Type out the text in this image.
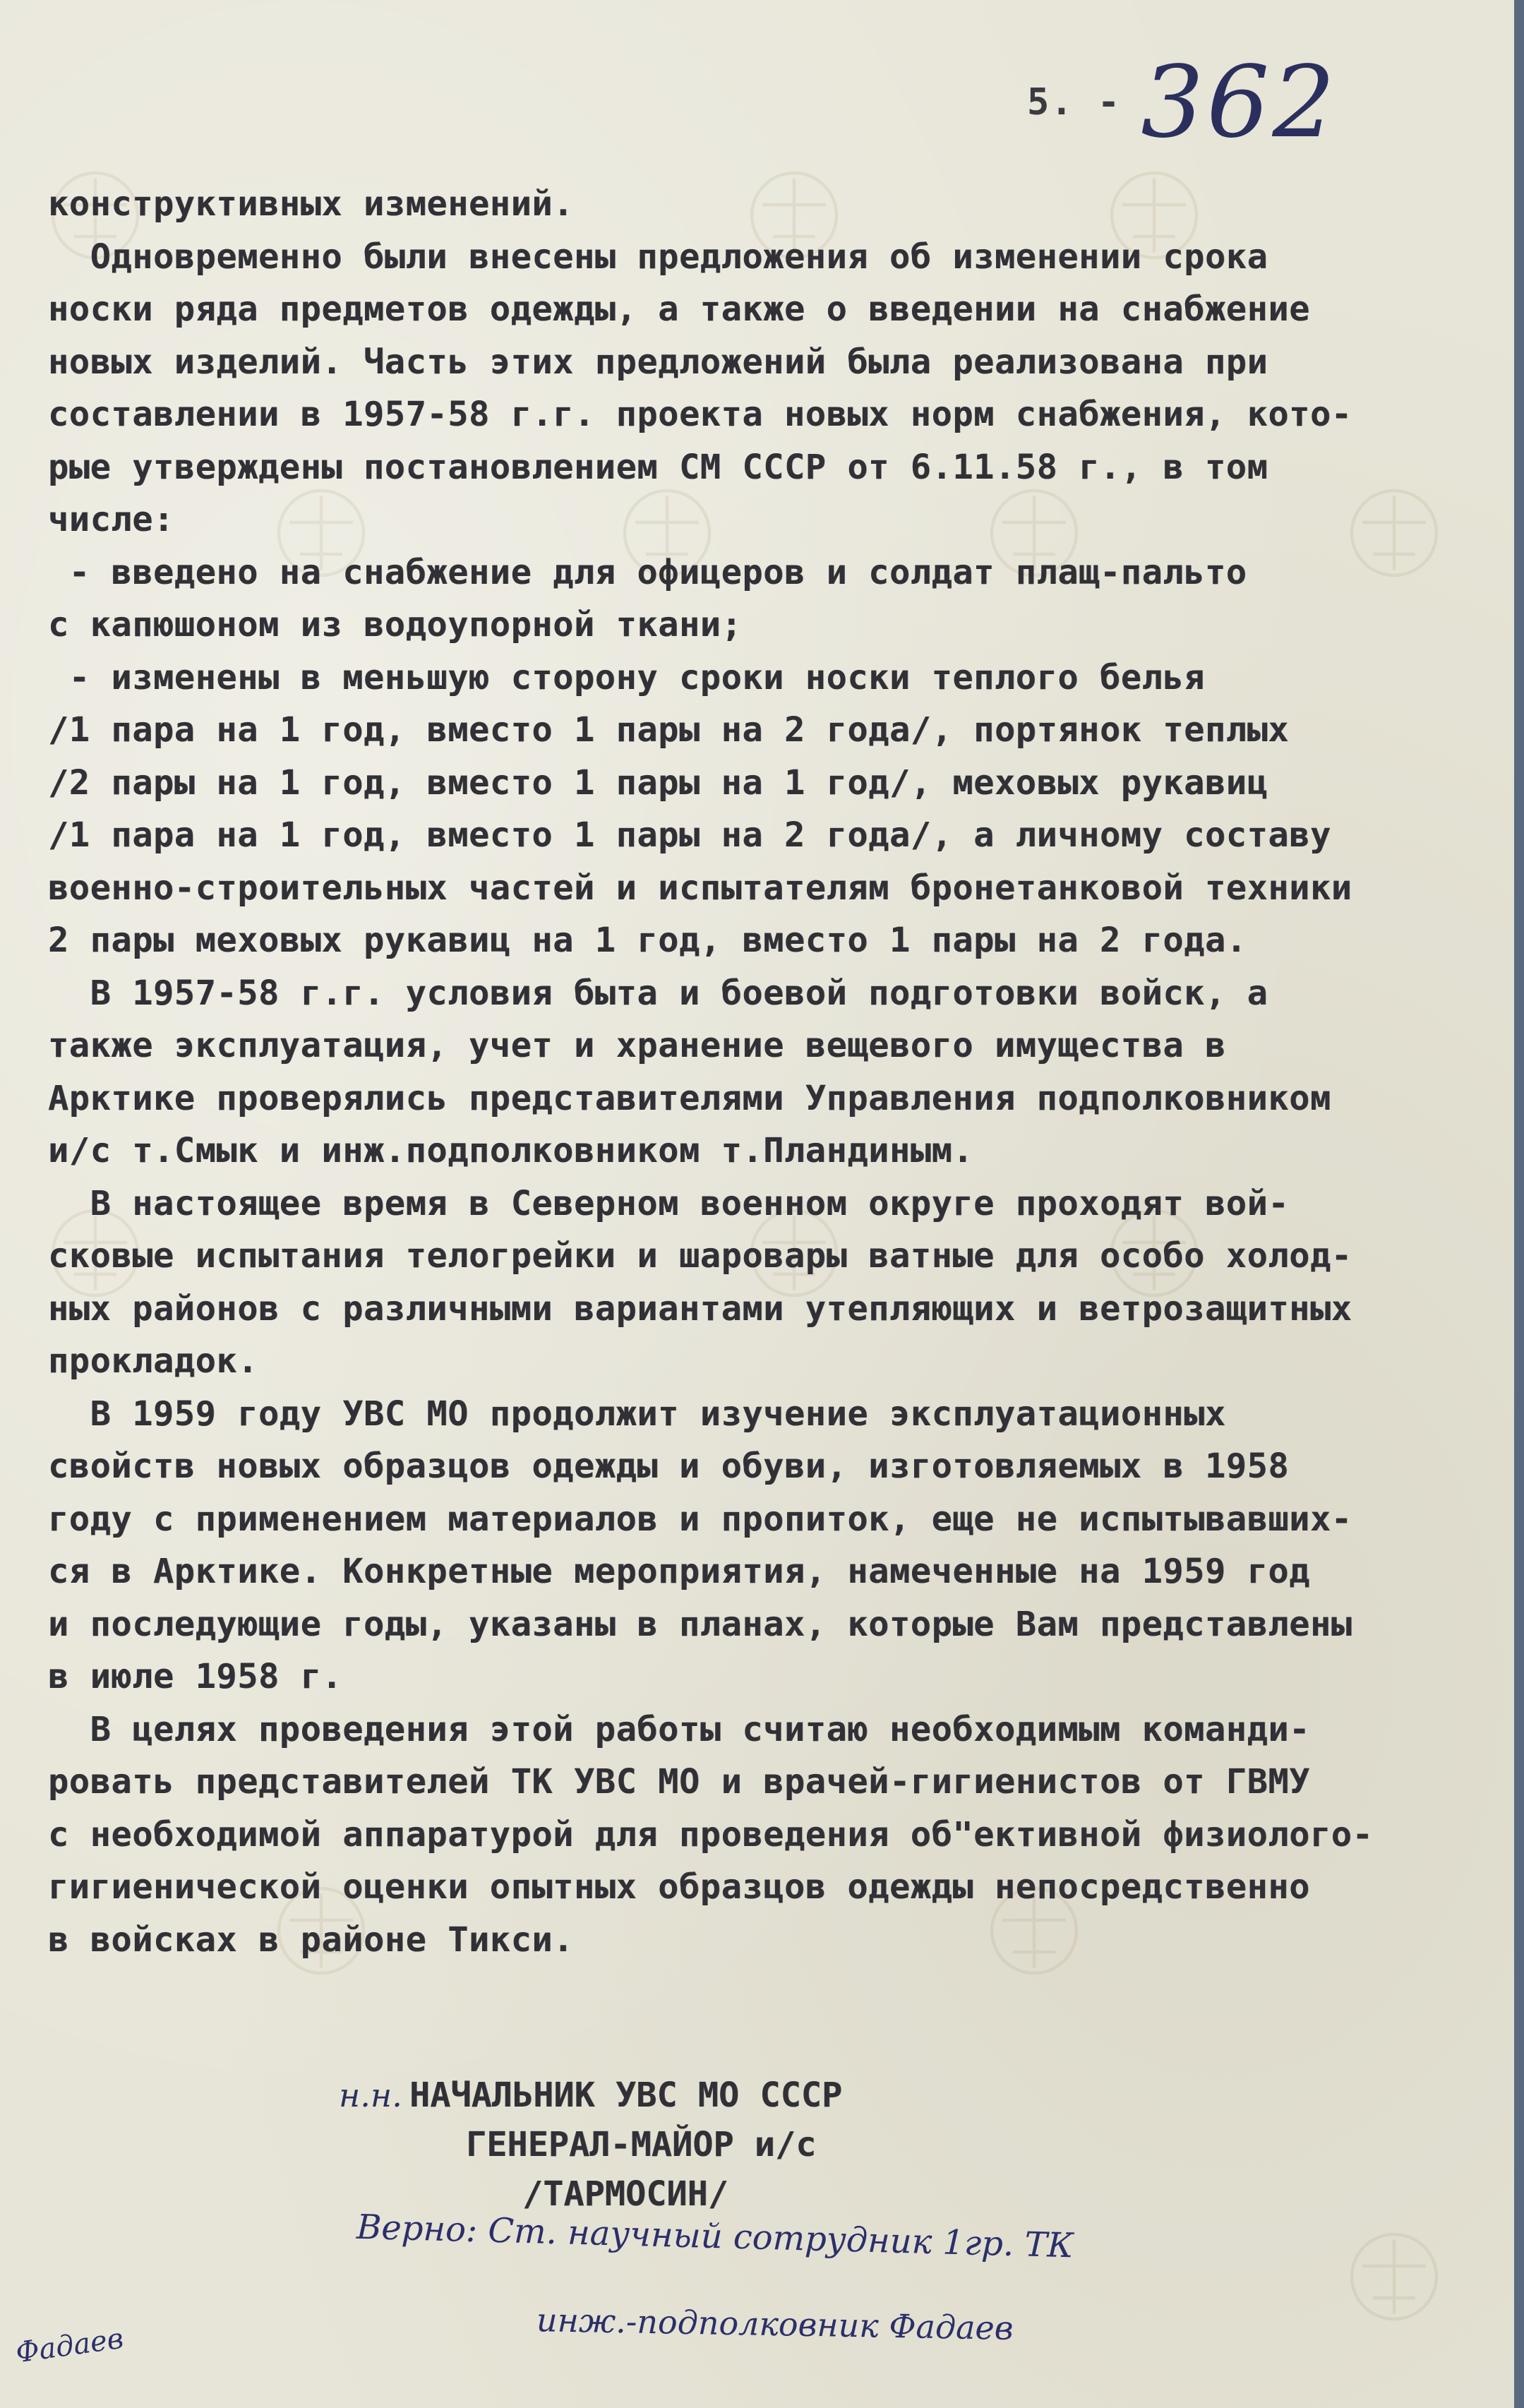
5. - 362
конструктивных изменений.
Одновременно были внесены предложения об изменении срока
носки ряда предметов одежды, а также о введении на снабжение
новых изделий. Часть этих предложений была реализована при
составлении в 1957-58 г.г. проекта новых норм снабжения, кото-
рые утверждены постановлением СМ СССР от 6.11.58 г., в том
числе:
- введено на снабжение для офицеров и солдат плащ-пальто
с капюшоном из водоупорной ткани;
- изменены в меньшую сторону сроки носки теплого белья
/1 пара на 1 год, вместо 1 пары на 2 года/, портянок теплых
/2 пары на 1 год, вместо 1 пары на 1 год/, меховых рукавиц
/1 пара на 1 год, вместо 1 пары на 2 года/, а личному составу
военно-строительных частей и испытателям бронетанковой техники
2 пары меховых рукавиц на 1 год, вместо 1 пары на 2 года.
В 1957-58 г.г. условия быта и боевой подготовки войск, а
также эксплуатация, учет и хранение вещевого имущества в
Арктике проверялись представителями Управления подполковником
и/с т.Смык и инж.подполковником т.Пландиным.
В настоящее время в Северном военном округе проходят вой-
сковые испытания телогрейки и шаровары ватные для особо холод-
ных районов с различными вариантами утепляющих и ветрозащитных
прокладок.
В 1959 году УВС МО продолжит изучение эксплуатационных
свойств новых образцов одежды и обуви, изготовляемых в 1958
году с применением материалов и пропиток, еще не испытывавших-
ся в Арктике. Конкретные мероприятия, намеченные на 1959 год
и последующие годы, указаны в планах, которые Вам представлены
в июле 1958 г.
В целях проведения этой работы считаю необходимым команди-
ровать представителей ТК УВС МО и врачей-гигиенистов от ГВМУ
с необходимой аппаратурой для проведения об"ективной физиолого-
гигиенической оценки опытных образцов одежды непосредственно
в войсках в районе Тикси.
н.н. НАЧАЛЬНИК УВС МО СССР
ГЕНЕРАЛ-МАЙОР и/с
/ТАРМОСИН/
Верно: Ст. научный сотрудник 1гр. ТК
инж.-подполковник Фадаев
Фадаев
